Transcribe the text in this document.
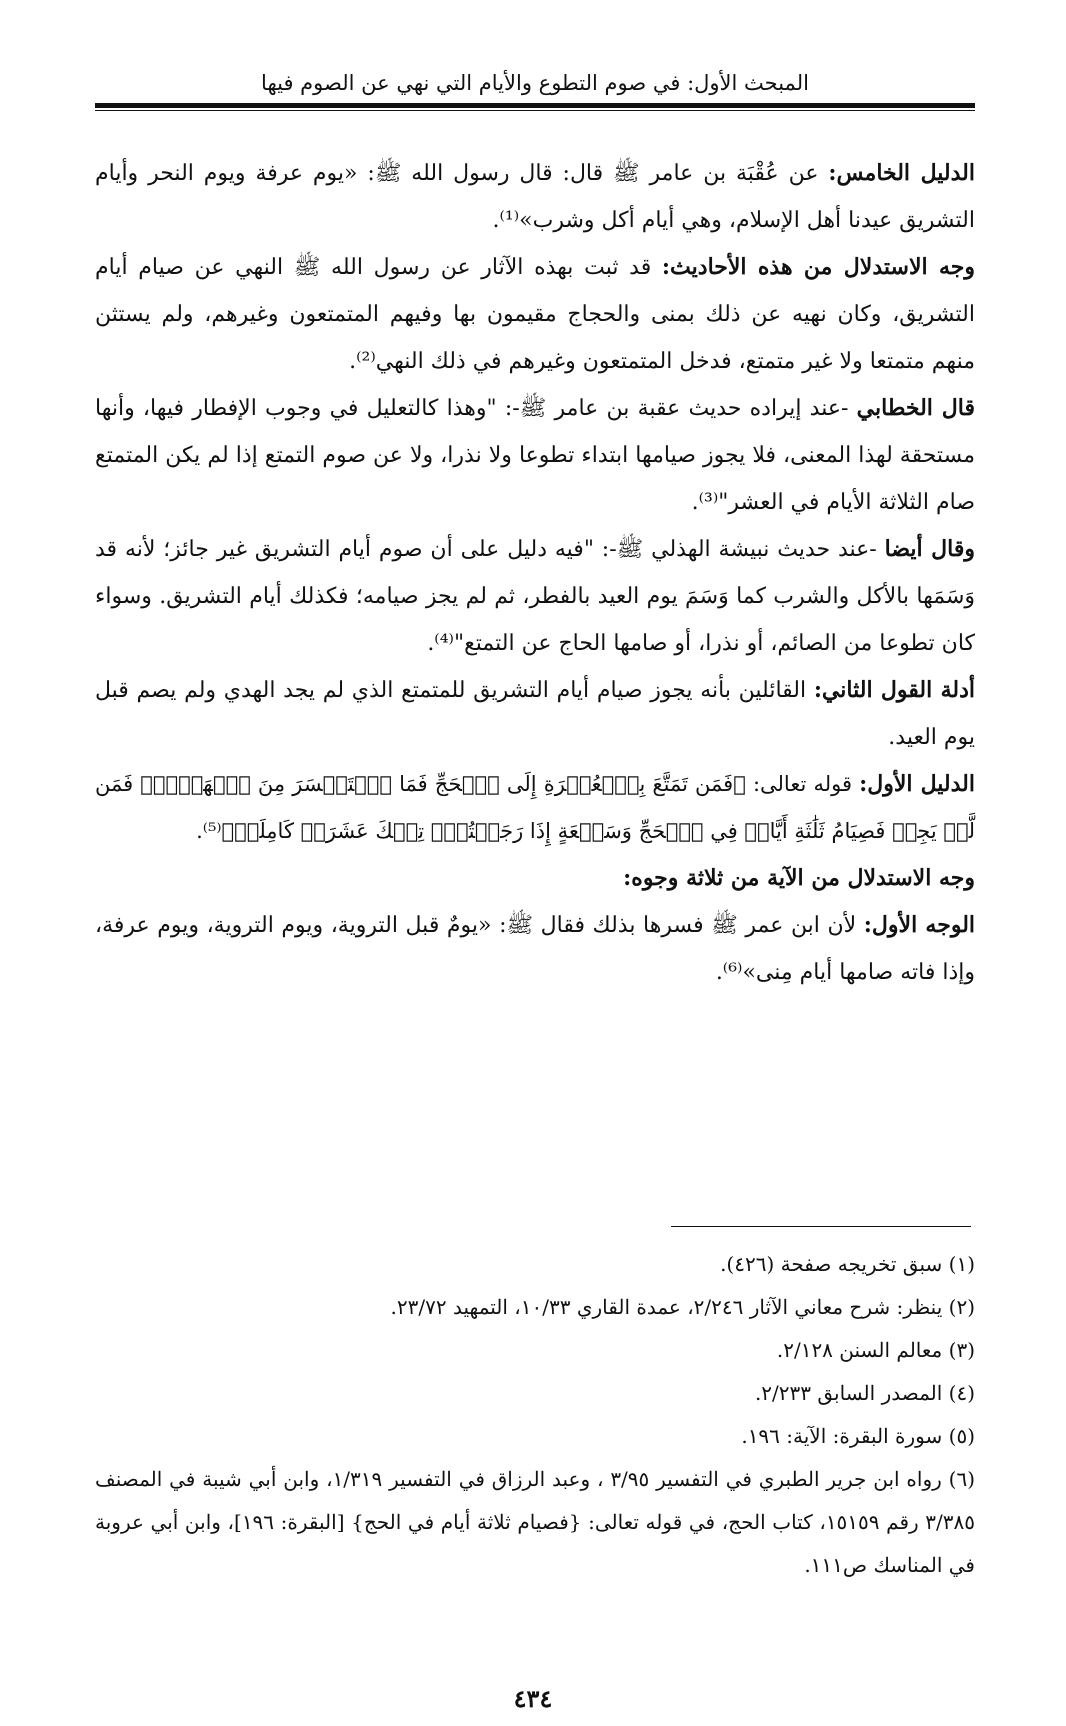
المبحث الأول: في صوم التطوع والأيام التي نهي عن الصوم فيها

الدليل الخامس: عن عُقْبَة بن عامر ﷺ قال: قال رسول الله ﷺ: «يوم عرفة ويوم النحر وأيام التشريق عيدنا أهل الإسلام، وهي أيام أكل وشرب»⁽¹⁾.

وجه الاستدلال من هذه الأحاديث: قد ثبت بهذه الآثار عن رسول الله ﷺ النهي عن صيام أيام التشريق، وكان نهيه عن ذلك بمنى والحجاج مقيمون بها وفيهم المتمتعون وغيرهم، ولم يستثن منهم متمتعا ولا غير متمتع، فدخل المتمتعون وغيرهم في ذلك النهي⁽²⁾.

قال الخطابي -عند إيراده حديث عقبة بن عامر ﷺ-: "وهذا كالتعليل في وجوب الإفطار فيها، وأنها مستحقة لهذا المعنى، فلا يجوز صيامها ابتداء تطوعا ولا نذرا، ولا عن صوم التمتع إذا لم يكن المتمتع صام الثلاثة الأيام في العشر"⁽³⁾.

وقال أيضا -عند حديث نبيشة الهذلي ﷺ-: "فيه دليل على أن صوم أيام التشريق غير جائز؛ لأنه قد وَسَمَها بالأكل والشرب كما وَسَمَ يوم العيد بالفطر، ثم لم يجز صيامه؛ فكذلك أيام التشريق. وسواء كان تطوعا من الصائم، أو نذرا، أو صامها الحاج عن التمتع"⁽⁴⁾.

أدلة القول الثاني: القائلين بأنه يجوز صيام أيام التشريق للمتمتع الذي لم يجد الهدي ولم يصم قبل يوم العيد.

الدليل الأول: قوله تعالى: ﴿فَمَن تَمَتَّعَ بِٱلۡعُمۡرَةِ إِلَى ٱلۡحَجِّ فَمَا ٱسۡتَيۡسَرَ مِنَ ٱلۡهَدۡيِۚ فَمَن لَّمۡ يَجِدۡ فَصِيَامُ ثَلَٰثَةِ أَيَّامٖ فِي ٱلۡحَجِّ وَسَبۡعَةٍ إِذَا رَجَعۡتُمۡۗ تِلۡكَ عَشَرَةٞ كَامِلَةٞ﴾⁽⁵⁾.

وجه الاستدلال من الآية من ثلاثة وجوه:

الوجه الأول: لأن ابن عمر ﷺ فسرها بذلك فقال ﷺ: «يومٌ قبل التروية، ويوم التروية، ويوم عرفة، وإذا فاته صامها أيام مِنى»⁽⁶⁾.

(١) سبق تخريجه صفحة (٤٢٦).

(٢) ينظر: شرح معاني الآثار ٢/٢٤٦، عمدة القاري ١٠/٣٣، التمهيد ٢٣/٧٢.

(٣) معالم السنن ٢/١٢٨.

(٤) المصدر السابق ٢/٢٣٣.

(٥) سورة البقرة: الآية: ١٩٦.

(٦) رواه ابن جرير الطبري في التفسير ٣/٩٥ ، وعبد الرزاق في التفسير ١/٣١٩، وابن أبي شيبة في المصنف ٣/٣٨٥ رقم ١٥١٥٩، كتاب الحج، في قوله تعالى: {فصيام ثلاثة أيام في الحج} [البقرة: ١٩٦]، وابن أبي عروبة في المناسك ص١١١.

٤٣٤
